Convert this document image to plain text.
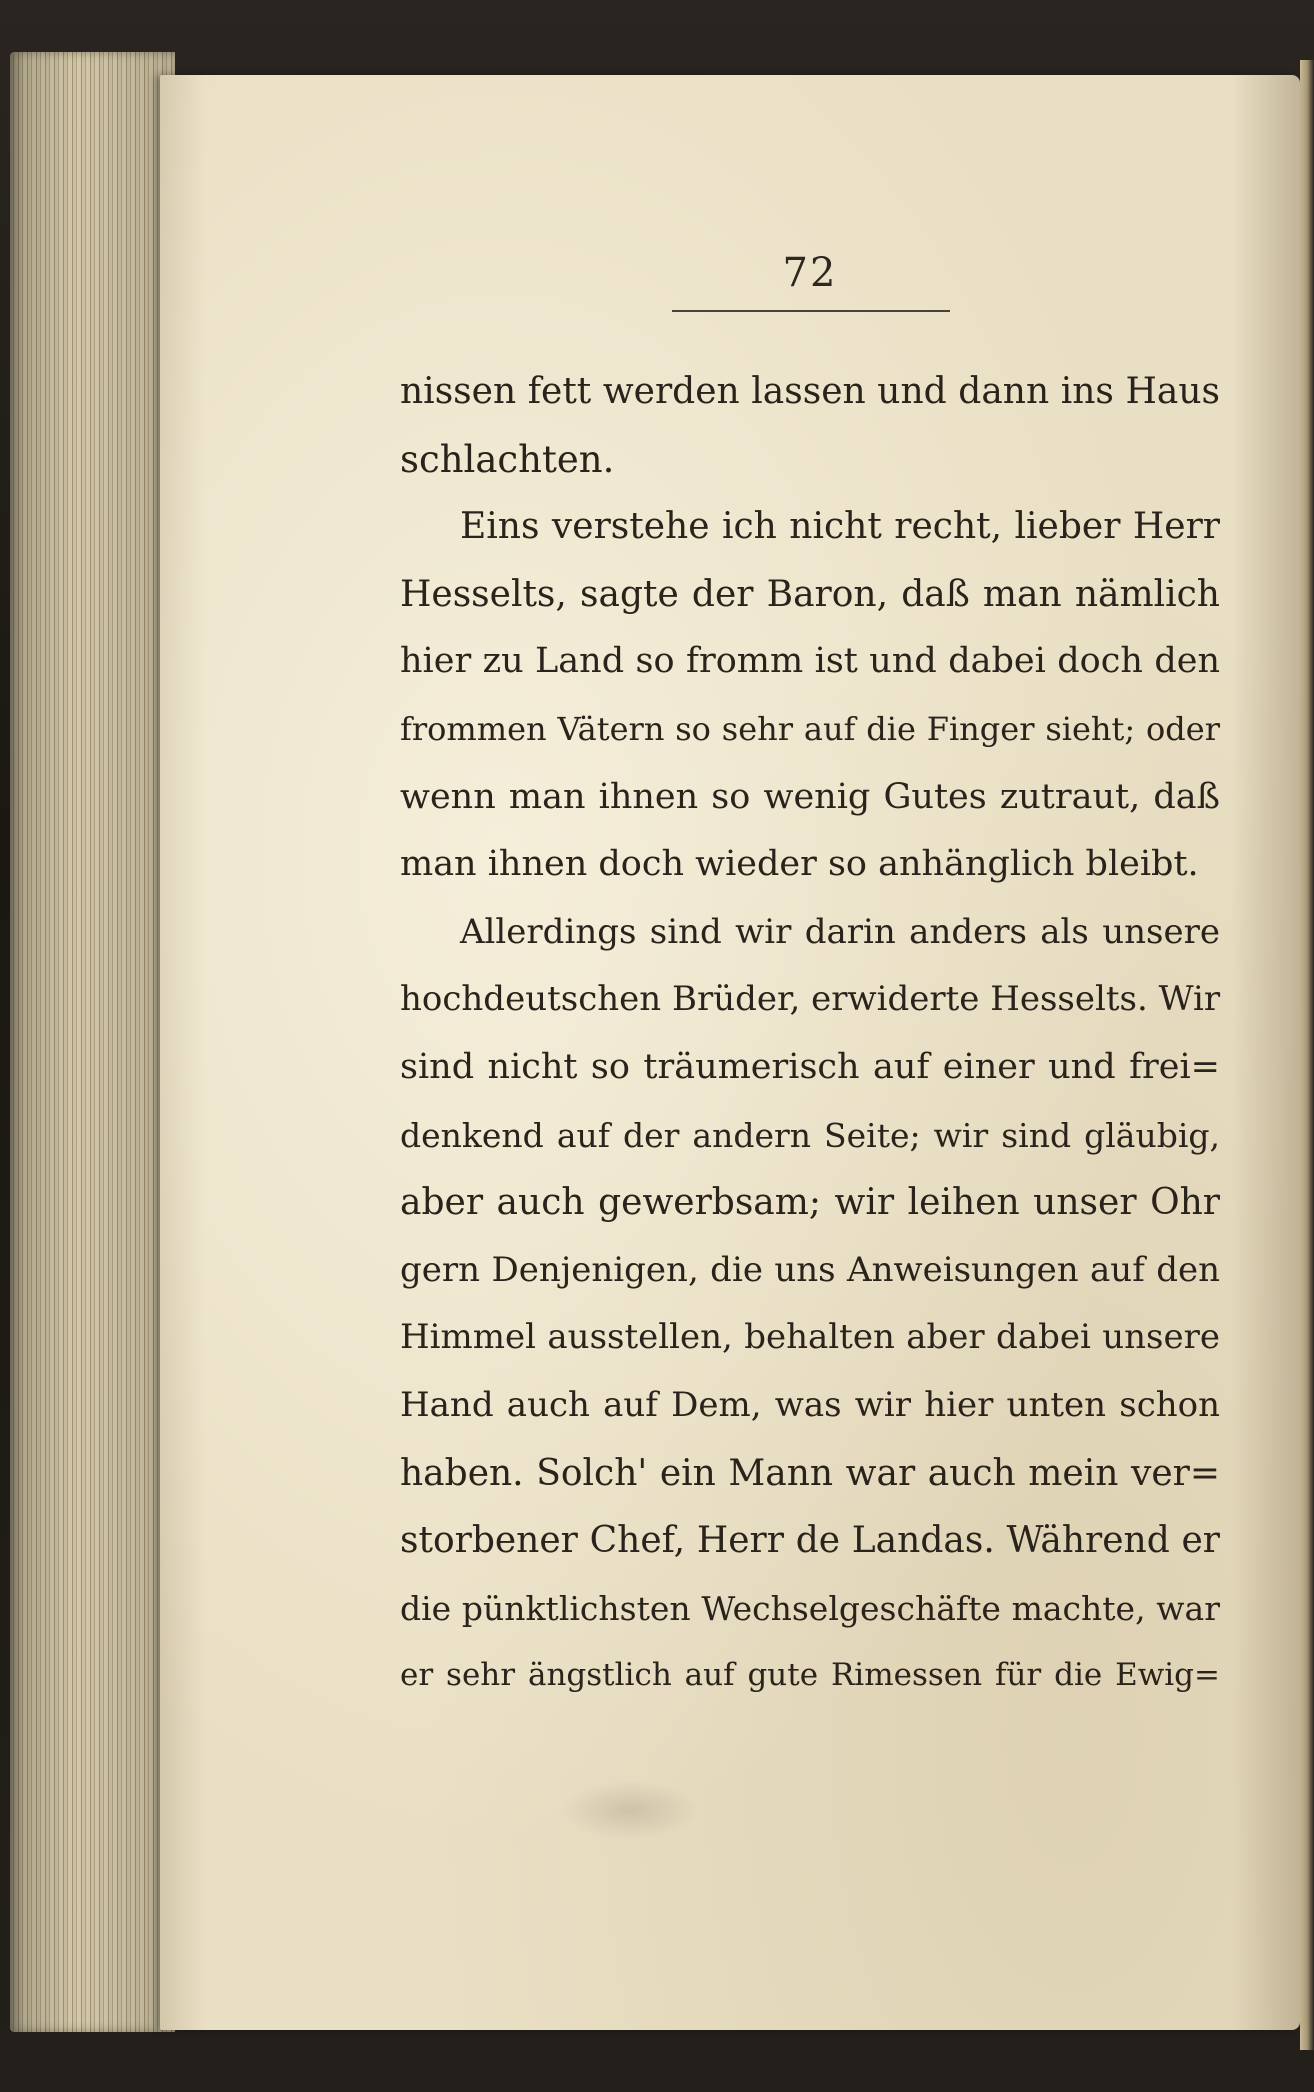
72
nissen fett werden lassen und dann ins Haus
schlachten.
Eins verstehe ich nicht recht, lieber Herr
Hesselts, sagte der Baron, daß man nämlich
hier zu Land so fromm ist und dabei doch den
frommen Vätern so sehr auf die Finger sieht; oder
wenn man ihnen so wenig Gutes zutraut, daß
man ihnen doch wieder so anhänglich bleibt.
Allerdings sind wir darin anders als unsere
hochdeutschen Brüder, erwiderte Hesselts. Wir
sind nicht so träumerisch auf einer und frei=
denkend auf der andern Seite; wir sind gläubig,
aber auch gewerbsam; wir leihen unser Ohr
gern Denjenigen, die uns Anweisungen auf den
Himmel ausstellen, behalten aber dabei unsere
Hand auch auf Dem, was wir hier unten schon
haben. Solch' ein Mann war auch mein ver=
storbener Chef, Herr de Landas. Während er
die pünktlichsten Wechselgeschäfte machte, war
er sehr ängstlich auf gute Rimessen für die Ewig=
